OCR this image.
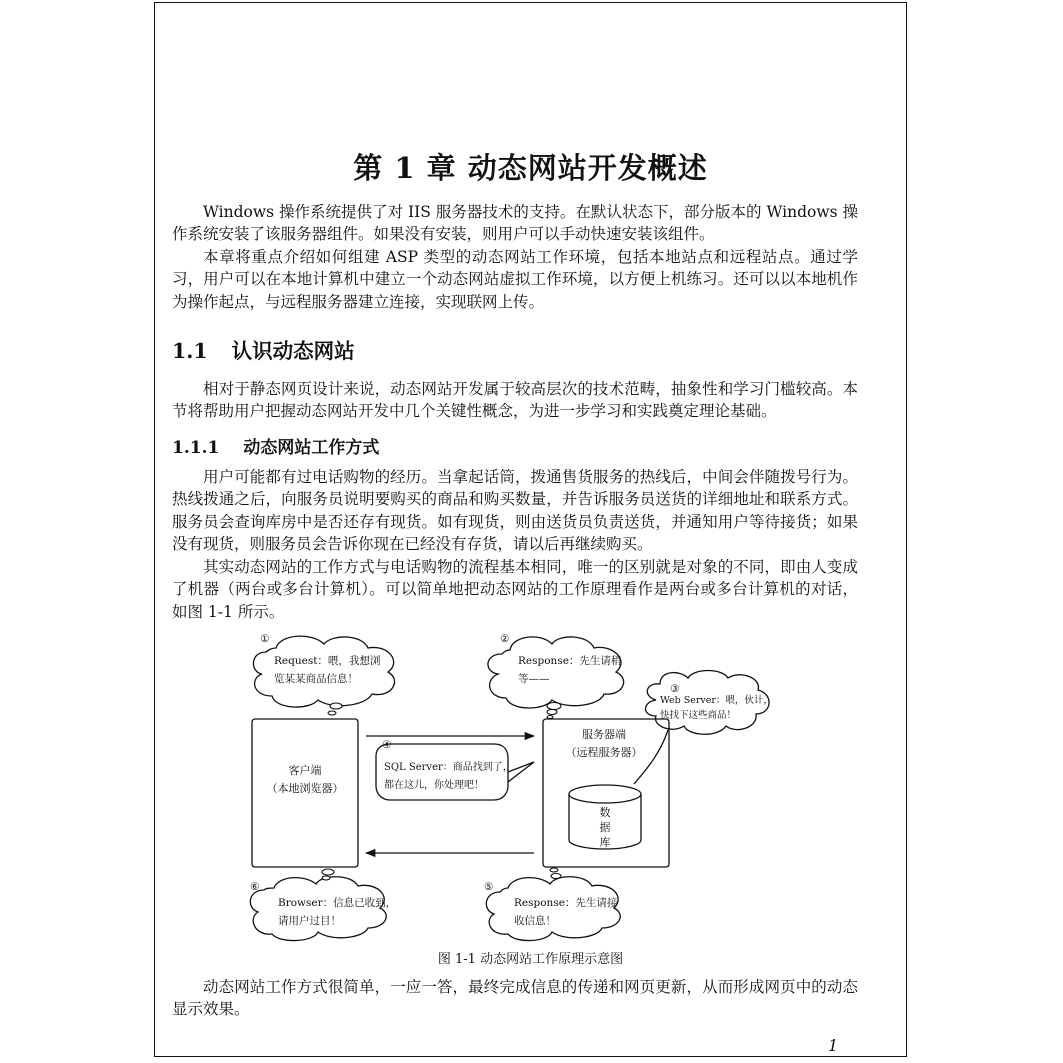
第 1 章 动态网站开发概述

Windows 操作系统提供了对 IIS 服务器技术的支持。在默认状态下，部分版本的 Windows 操作系统安装了该服务器组件。如果没有安装，则用户可以手动快速安装该组件。

本章将重点介绍如何组建 ASP 类型的动态网站工作环境，包括本地站点和远程站点。通过学习，用户可以在本地计算机中建立一个动态网站虚拟工作环境，以方便上机练习。还可以以本地机作为操作起点，与远程服务器建立连接，实现联网上传。

1.1 认识动态网站

相对于静态网页设计来说，动态网站开发属于较高层次的技术范畴，抽象性和学习门槛较高。本节将帮助用户把握动态网站开发中几个关键性概念，为进一步学习和实践奠定理论基础。

1.1.1 动态网站工作方式

用户可能都有过电话购物的经历。当拿起话筒，拨通售货服务的热线后，中间会伴随拨号行为。热线拨通之后，向服务员说明要购买的商品和购买数量，并告诉服务员送货的详细地址和联系方式。服务员会查询库房中是否还存有现货。如有现货，则由送货员负责送货，并通知用户等待接货；如果没有现货，则服务员会告诉你现在已经没有存货，请以后再继续购买。

其实动态网站的工作方式与电话购物的流程基本相同，唯一的区别就是对象的不同，即由人变成了机器（两台或多台计算机）。可以简单地把动态网站的工作原理看作是两台或多台计算机的对话，如图 1-1 所示。

①
Request：喂，我想浏
览某某商品信息！
②
Response：先生请稍
等——
③
Web Server：喂，伙计，
快找下这些商品！
④
SQL Server：商品找到了，
都在这儿，你处理吧！
⑤
Response：先生请接
收信息！
⑥
Browser：信息已收到，
请用户过目！
客户端
（本地浏览器）
服务器端
（远程服务器）
数
据
库
图 1-1 动态网站工作原理示意图

动态网站工作方式很简单，一应一答，最终完成信息的传递和网页更新，从而形成网页中的动态显示效果。

1
